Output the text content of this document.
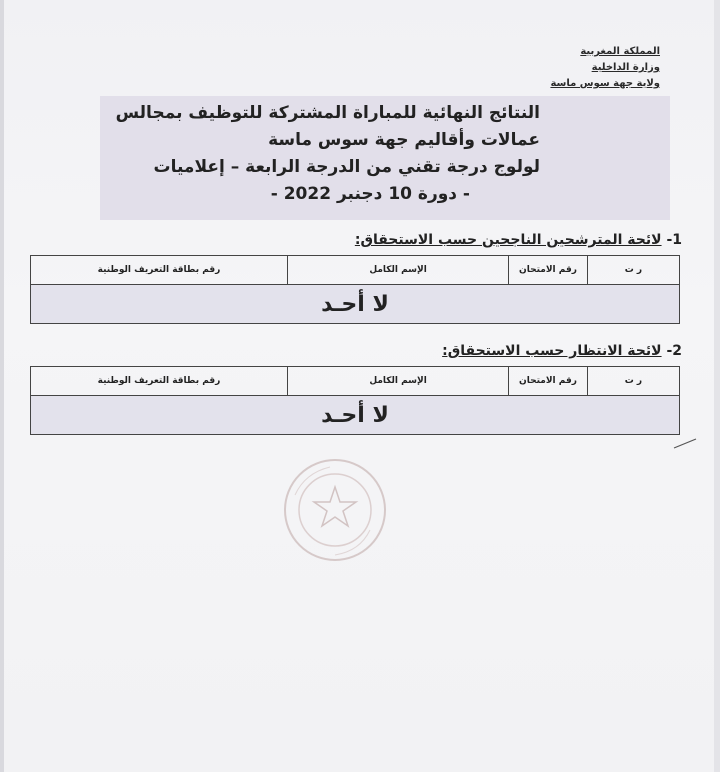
المملكة المغربية
وزارة الداخلية
ولاية جهة سوس ماسة
النتائج النهائية للمباراة المشتركة للتوظيف بمجالس
عمالات وأقاليم جهة سوس ماسة
لولوج درجة تقني من الدرجة الرابعة – إعلاميات
- دورة 10 دجنبر 2022 -
1- لائحة المترشحين الناجحين حسب الاستحقاق:
ر ت	رقم الامتحان	الإسم الكامل	رقم بطاقة التعريف الوطنية
لا أحـد
2- لائحة الانتظار حسب الاستحقاق:
ر ت	رقم الامتحان	الإسم الكامل	رقم بطاقة التعريف الوطنية
لا أحـد
